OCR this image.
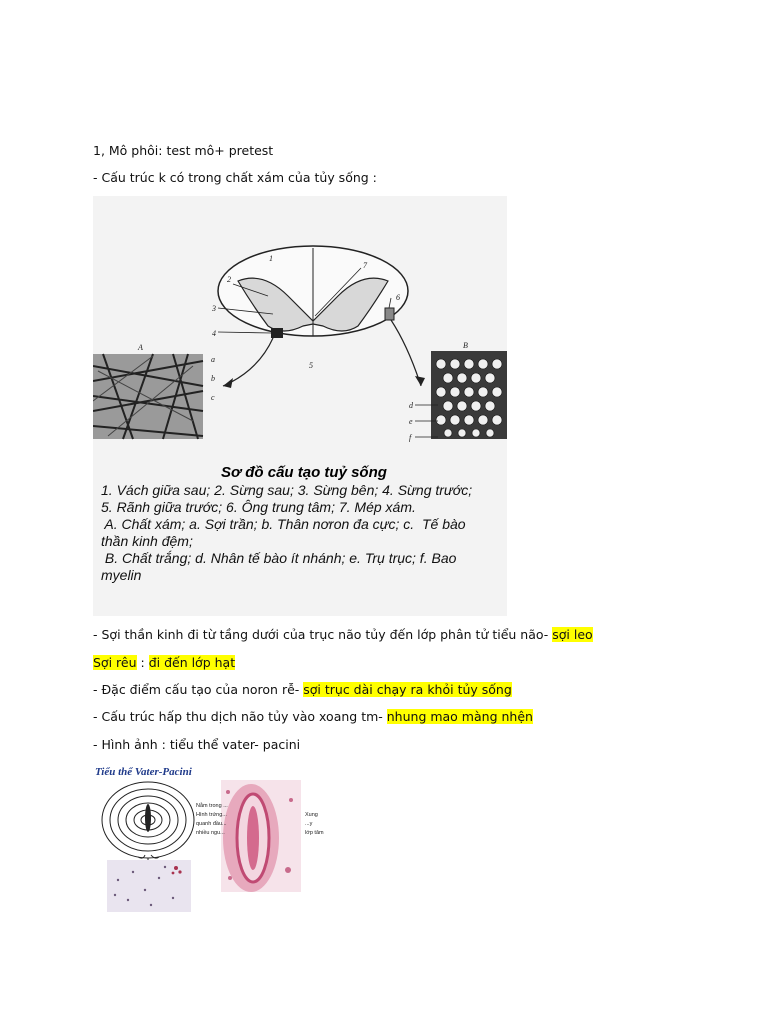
1, Mô phôi: test mô+ pretest
- Cấu trúc k có trong chất xám của tủy sống :
1
2
3
4
5
6
7
A
a
b
c
B
d
e
f
Sơ đồ cấu tạo tuỷ sống
1. Vách giữa sau; 2. Sừng sau; 3. Sừng bên; 4. Sừng trước;
5. Rãnh giữa trước; 6. Ông trung tâm; 7. Mép xám.
A. Chất xám; a. Sợi trần; b. Thân nơron đa cực; c.  Tế bào
thần kinh đệm;
B. Chất trắng; d. Nhân tế bào ít nhánh; e. Trụ trục; f. Bao
myelin
- Sợi thần kinh đi từ tầng dưới của trục não tủy đến lớp phân tử tiểu não- sợi leo
Sợi rêu : đi đến lớp hạt
- Đặc điểm cấu tạo của noron rễ- sợi trục dài chạy ra khỏi tủy sống
- Cấu trúc hấp thu dịch não tủy vào xoang tm- nhung mao màng nhện
- Hình ảnh : tiểu thể vater- pacini
Tiểu thể Vater-Pacini
Nằm trong ...
Hình trứng...
quanh đầu...
nhiều ngu...
Xung
...y
lớp tâm
